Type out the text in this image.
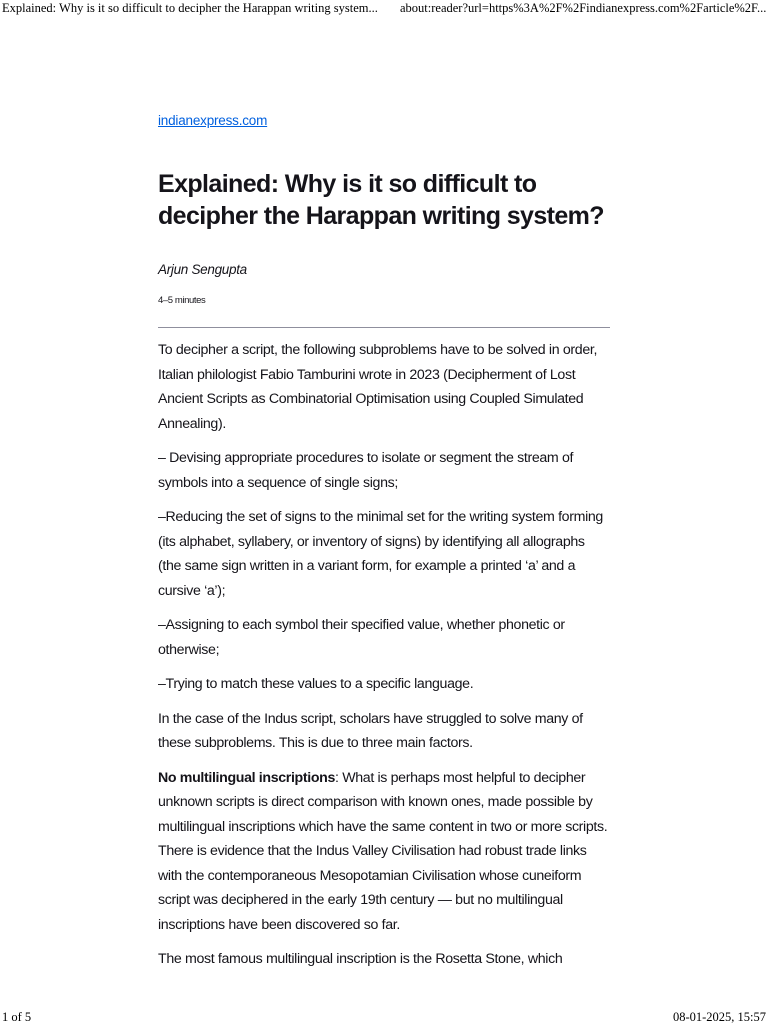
Explained: Why is it so difficult to decipher the Harappan writing system... about:reader?url=https%3A%2F%2Findianexpress.com%2Farticle%2F...
indianexpress.com
Explained: Why is it so difficult to decipher the Harappan writing system?
Arjun Sengupta
4–5 minutes

To decipher a script, the following subproblems have to be solved in order, Italian philologist Fabio Tamburini wrote in 2023 (Decipherment of Lost Ancient Scripts as Combinatorial Optimisation using Coupled Simulated Annealing).

– Devising appropriate procedures to isolate or segment the stream of symbols into a sequence of single signs;

–Reducing the set of signs to the minimal set for the writing system forming (its alphabet, syllabery, or inventory of signs) by identifying all allographs (the same sign written in a variant form, for example a printed ‘a’ and a cursive ‘a’);

–Assigning to each symbol their specified value, whether phonetic or otherwise;

–Trying to match these values to a specific language.

In the case of the Indus script, scholars have struggled to solve many of these subproblems. This is due to three main factors.

No multilingual inscriptions: What is perhaps most helpful to decipher unknown scripts is direct comparison with known ones, made possible by multilingual inscriptions which have the same content in two or more scripts. There is evidence that the Indus Valley Civilisation had robust trade links with the contemporaneous Mesopotamian Civilisation whose cuneiform script was deciphered in the early 19th century — but no multilingual inscriptions have been discovered so far.

The most famous multilingual inscription is the Rosetta Stone, which

1 of 5	08-01-2025, 15:57
